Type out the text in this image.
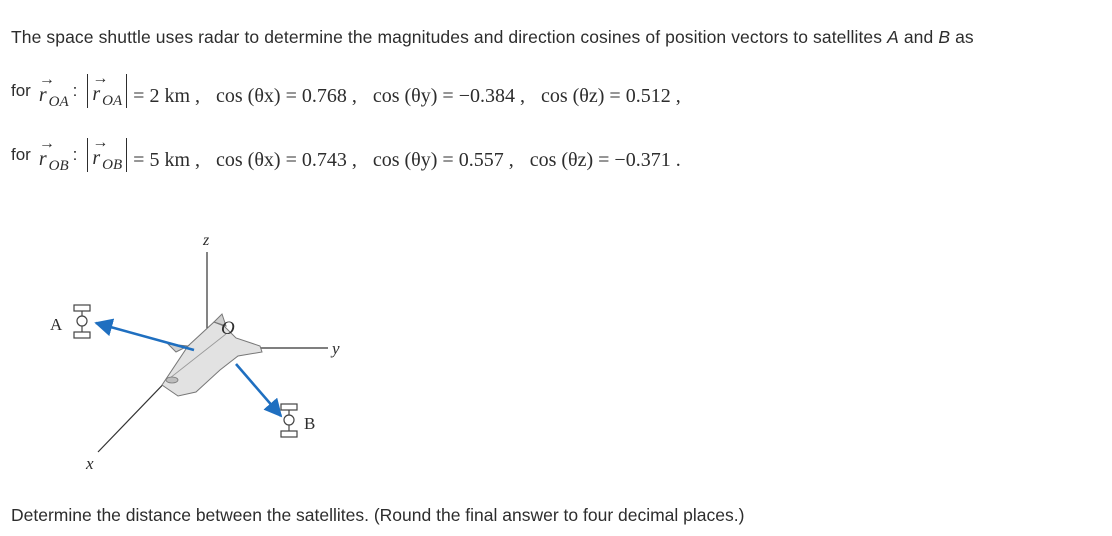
The space shuttle uses radar to determine the magnitudes and direction cosines of position vectors to satellites A and B as
for
→
r OA
:
→
r OA = 2 km , cos (θx) = 0.768 , cos (θy) = −0.384 , cos (θz) = 0.512 ,
for
→
r OB
:
→
r OB = 5 km , cos (θx) = 0.743 , cos (θy) = 0.557 , cos (θz) = −0.371 .
z
y
x
O
A
B
Determine the distance between the satellites. (Round the final answer to four decimal places.)
